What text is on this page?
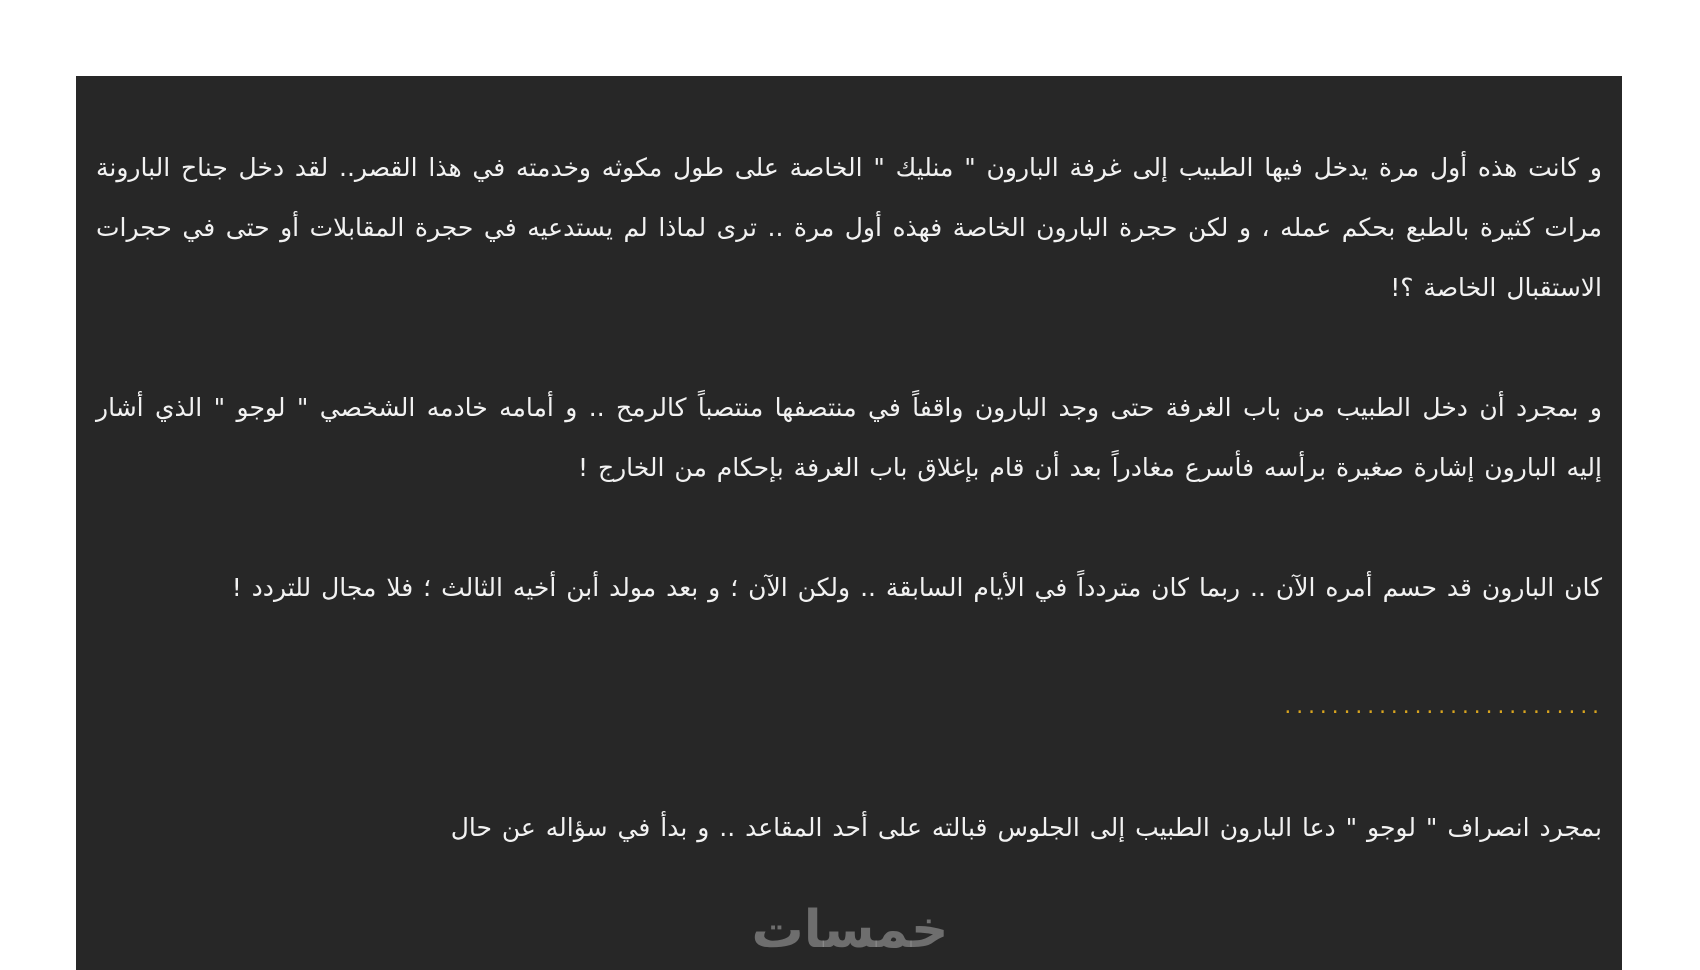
و كانت هذه أول مرة يدخل فيها الطبيب إلى غرفة البارون " منليك " الخاصة على طول مكوثه وخدمته في هذا القصر.. لقد دخل جناح البارونة مرات كثيرة بالطبع بحكم عمله ، و لكن حجرة البارون الخاصة فهذه أول مرة .. ترى لماذا لم يستدعيه في حجرة المقابلات أو حتى في حجرات الاستقبال الخاصة ؟!

و بمجرد أن دخل الطبيب من باب الغرفة حتى وجد البارون واقفاً في منتصفها منتصباً كالرمح .. و أمامه خادمه الشخصي " لوجو " الذي أشار إليه البارون إشارة صغيرة برأسه فأسرع مغادراً بعد أن قام بإغلاق باب الغرفة بإحكام من الخارج !

كان البارون قد حسم أمره الآن .. ربما كان متردداً في الأيام السابقة .. ولكن الآن ؛ و بعد مولد أبن أخيه الثالث ؛ فلا مجال للتردد !

...........................

بمجرد انصراف " لوجو " دعا البارون الطبيب إلى الجلوس قبالته على أحد المقاعد .. و بدأ في سؤاله عن حال

خمسات
